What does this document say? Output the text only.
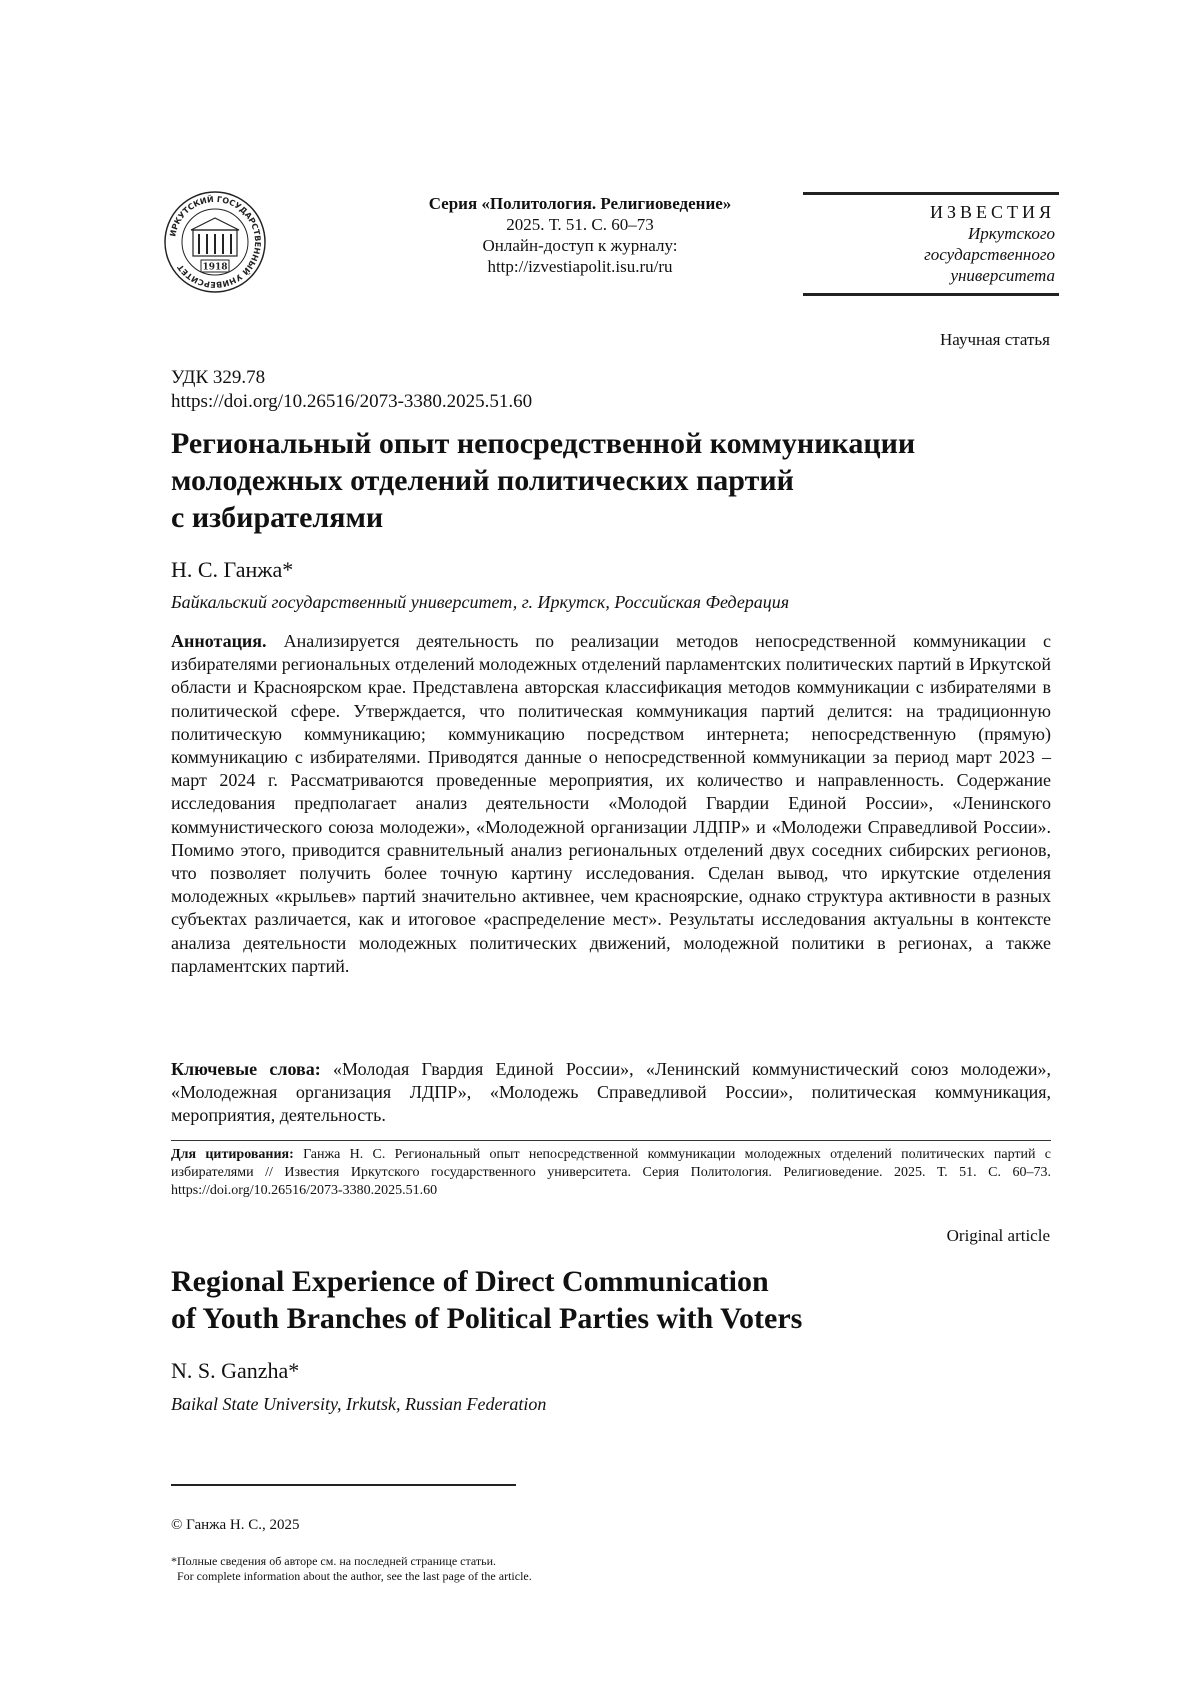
ИРКУТСКИЙ ГОСУДАРСТВЕННЫЙ УНИВЕРСИТЕТ	1918
Серия «Политология. Религиоведение»
2025. Т. 51. С. 60–73
Онлайн-доступ к журналу:
http://izvestiapolit.isu.ru/ru
ИЗВЕСТИЯ
Иркутского
государственного
университета
Научная статья
УДК 329.78
https://doi.org/10.26516/2073-3380.2025.51.60
Региональный опыт непосредственной коммуникации
молодежных отделений политических партий
с избирателями
Н. С. Ганжа*
Байкальский государственный университет, г. Иркутск, Российская Федерация
Аннотация. Анализируется деятельность по реализации методов непосредственной коммуникации с избирателями региональных отделений молодежных отделений парламентских политических партий в Иркутской области и Красноярском крае. Представлена авторская классификация методов коммуникации с избирателями в политической сфере. Утверждается, что политическая коммуникация партий делится: на традиционную политическую коммуникацию; коммуникацию посредством интернета; непосредственную (прямую) коммуникацию с избирателями. Приводятся данные о непосредственной коммуникации за период март 2023 – март 2024 г. Рассматриваются проведенные мероприятия, их количество и направленность. Содержание исследования предполагает анализ деятельности «Молодой Гвардии Единой России», «Ленинского коммунистического союза молодежи», «Молодежной организации ЛДПР» и «Молодежи Справедливой России». Помимо этого, приводится сравнительный анализ региональных отделений двух соседних сибирских регионов, что позволяет получить более точную картину исследования. Сделан вывод, что иркутские отделения молодежных «крыльев» партий значительно активнее, чем красноярские, однако структура активности в разных субъектах различается, как и итоговое «распределение мест». Результаты исследования актуальны в контексте анализа деятельности молодежных политических движений, молодежной политики в регионах, а также парламентских партий.
Ключевые слова: «Молодая Гвардия Единой России», «Ленинский коммунистический союз молодежи», «Молодежная организация ЛДПР», «Молодежь Справедливой России», политическая коммуникация, мероприятия, деятельность.
Для цитирования: Ганжа Н. С. Региональный опыт непосредственной коммуникации молодежных отделений политических партий с избирателями // Известия Иркутского государственного университета. Серия Политология. Религиоведение. 2025. Т. 51. С. 60–73. https://doi.org/10.26516/2073-3380.2025.51.60
Original article
Regional Experience of Direct Communication
of Youth Branches of Political Parties with Voters
N. S. Ganzha*
Baikal State University, Irkutsk, Russian Federation
© Ганжа Н. С., 2025
*Полные сведения об авторе см. на последней странице статьи.
For complete information about the author, see the last page of the article.
